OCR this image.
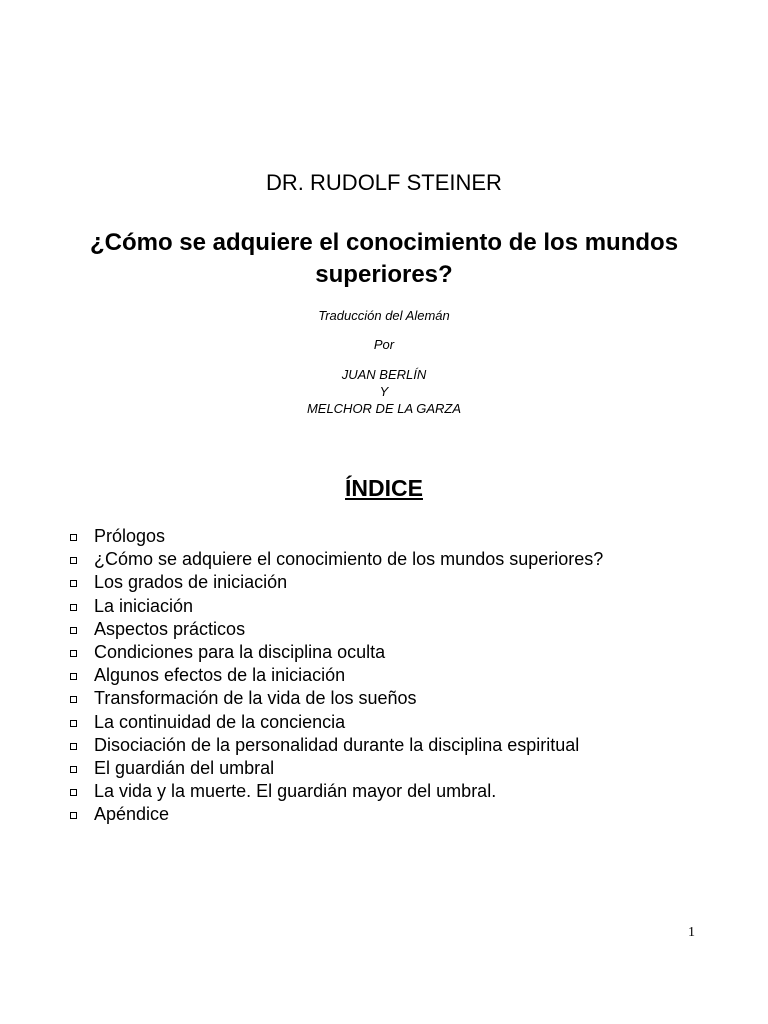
DR. RUDOLF STEINER
¿Cómo se adquiere el conocimiento de los mundos superiores?
Traducción del Alemán
Por
JUAN BERLÍN
Y
MELCHOR DE LA GARZA
ÍNDICE
Prólogos
¿Cómo se adquiere el conocimiento de los mundos superiores?
Los grados de iniciación
La iniciación
Aspectos prácticos
Condiciones para la disciplina oculta
Algunos efectos de la iniciación
Transformación de la vida de los sueños
La continuidad de la conciencia
Disociación de la personalidad durante la disciplina espiritual
El guardián del umbral
La vida y la muerte. El guardián mayor del umbral.
Apéndice
1
